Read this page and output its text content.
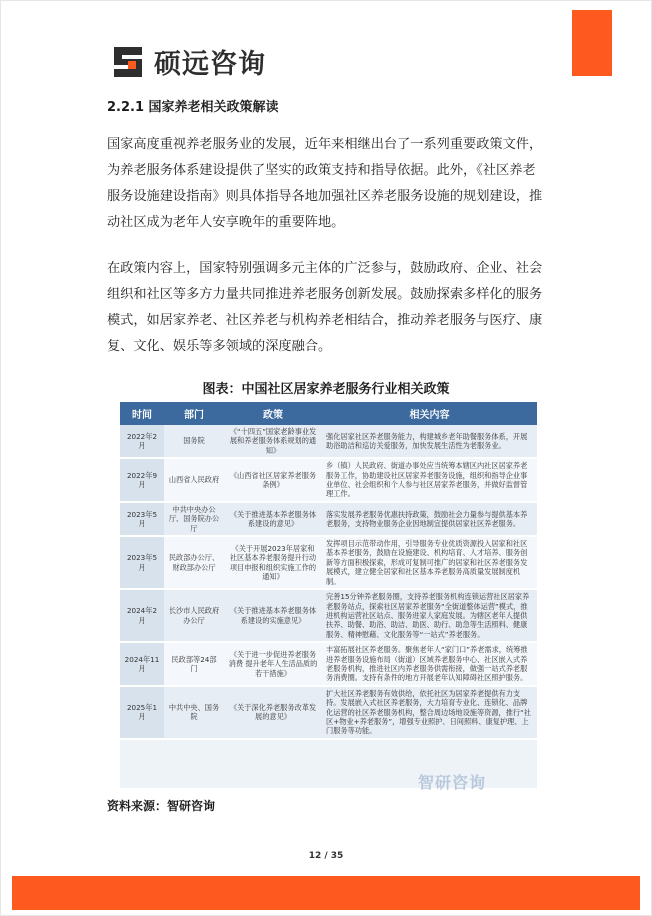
硕远咨询
2.2.1 国家养老相关政策解读

国家高度重视养老服务业的发展，近年来相继出台了一系列重要政策文件，为养老服务体系建设提供了坚实的政策支持和指导依据。此外，《社区养老服务设施建设指南》则具体指导各地加强社区养老服务设施的规划建设，推动社区成为老年人安享晚年的重要阵地。

在政策内容上，国家特别强调多元主体的广泛参与，鼓励政府、企业、社会组织和社区等多方力量共同推进养老服务创新发展。鼓励探索多样化的服务模式，如居家养老、社区养老与机构养老相结合，推动养老服务与医疗、康复、文化、娱乐等多领域的深度融合。

图表：中国社区居家养老服务行业相关政策
时间	部门	政策	相关内容
2022年2月	国务院	《“十四五”国家老龄事业发展和养老服务体系规划的通知》	强化居家社区养老服务能力，构建城乡老年助餐服务体系，开展助浴助洁和巡访关爱服务，加快发展生活性为老服务业。
2022年9月	山西省人民政府	《山西省社区居家养老服务条例》	乡（镇）人民政府、街道办事处应当统筹本辖区内社区居家养老服务工作，协助建设社区居家养老服务设施，组织和指导企业事业单位、社会组织和个人参与社区居家养老服务，并做好监督管理工作。
2023年5月	中共中央办公厅、国务院办公厅	《关于推进基本养老服务体系建设的意见》	落实发展养老服务优惠扶持政策，鼓励社会力量参与提供基本养老服务，支持物业服务企业因地制宜提供居家社区养老服务。
2023年5月	民政部办公厅、财政部办公厅	《关于开展2023年居家和社区基本养老服务提升行动项目申报和组织实施工作的通知》	发挥项目示范带动作用，引导服务专业优质资源投入居家和社区基本养老服务，鼓励在设施建设、机构培育、人才培养、服务创新等方面积极探索，形成可复制可推广的居家和社区养老服务发展模式，建立健全居家和社区基本养老服务高质量发展制度机制。
2024年2月	长沙市人民政府办公厅	《关于推进基本养老服务体系建设的实施意见》	完善15分钟养老服务圈，支持养老服务机构连锁运营社区居家养老服务站点，探索社区居家养老服务“全街道整体运营”模式，推进机构运营社区站点、服务进家人家庭发展。为辖区老年人提供扶养、助餐、助浴、助洁、助医、助行、助急等生活照料、健康服务、精神慰藉、文化服务等“一站式”养老服务。
2024年11月	民政部等24部门	《关于进一步促进养老服务消费 提升老年人生活品质的若干措施》	丰富拓展社区养老服务。聚焦老年人“家门口”养老需求，统筹推进养老服务设施布局（街道）区域养老服务中心、社区嵌入式养老服务机构，推进社区内养老服务供需衔接，做强一站式养老服务消费圈。支持有条件的地方开展老年认知障碍社区照护服务。
2025年1月	中共中央、国务院	《关于深化养老服务改革发展的意见》	扩大社区养老服务有效供给，依托社区为居家养老提供有力支持。发展嵌入式社区养老服务，大力培育专业化、连锁化、品牌化运营的社区养老服务机构，整合周边场地设施等资源，推行“社区+物业+养老服务”，增强专业照护、日间照料、康复护理、上门服务等功能。
智研咨询
资料来源：智研咨询
12 / 35
